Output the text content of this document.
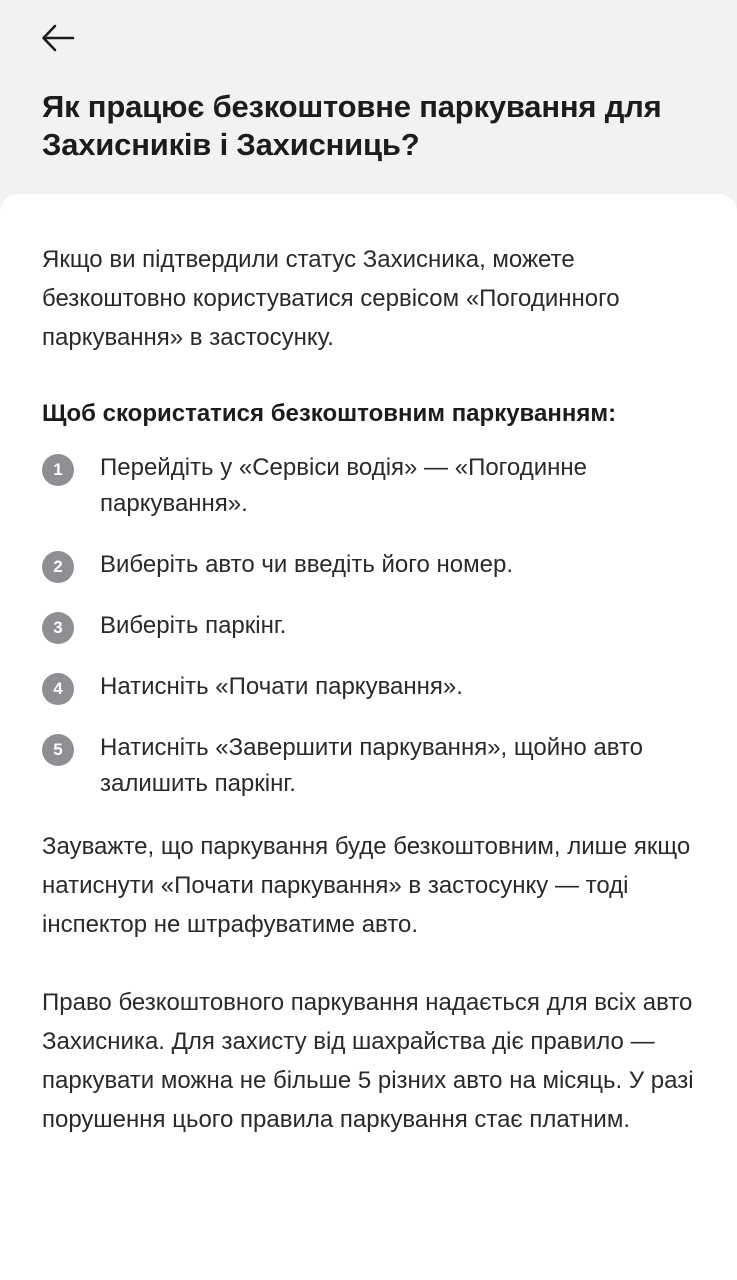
Як працює безкоштовне паркування для Захисників і Захисниць?

Якщо ви підтвердили статус Захисника, можете безкоштовно користуватися сервісом «Погодинного паркування» в застосунку.

Щоб скористатися безкоштовним паркуванням:

1	Перейдіть у «Сервіси водія» — «Погодинне паркування».
2	Виберіть авто чи введіть його номер.
3	Виберіть паркінг.
4	Натисніть «Почати паркування».
5	Натисніть «Завершити паркування», щойно авто залишить паркінг.

Зауважте, що паркування буде безкоштовним, лише якщо натиснути «Почати паркування» в застосунку — тоді інспектор не штрафуватиме авто.

Право безкоштовного паркування надається для всіх авто Захисника. Для захисту від шахрайства діє правило — паркувати можна не більше 5 різних авто на місяць. У разі порушення цього правила паркування стає платним.
